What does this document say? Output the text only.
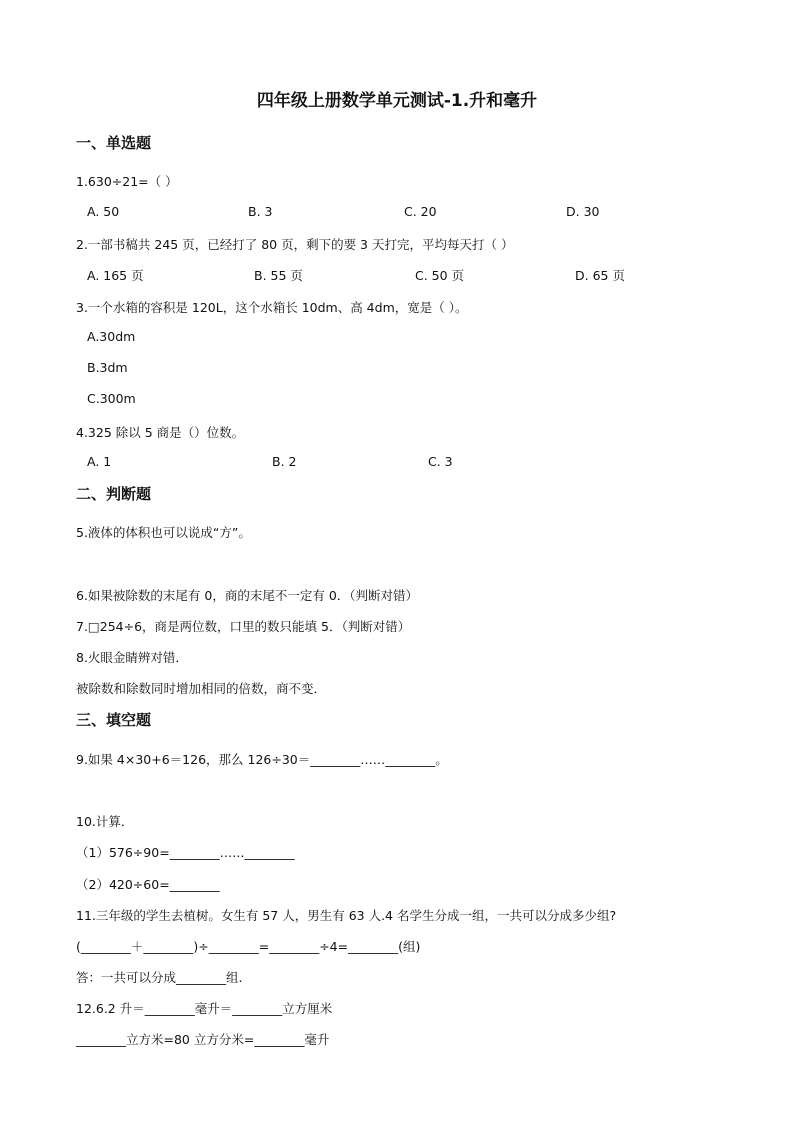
四年级上册数学单元测试-1.升和毫升
一、单选题
1.630÷21=（ ）
A. 50	B. 3	C. 20	D. 30
2.一部书稿共 245 页，已经打了 80 页，剩下的要 3 天打完，平均每天打（ ）
A. 165 页	B. 55 页	C. 50 页	D. 65 页
3.一个水箱的容积是 120L，这个水箱长 10dm、高 4dm，宽是（ ）。
A.30dm
B.3dm
C.300m
4.325 除以 5 商是（）位数。
A. 1	B. 2	C. 3
二、判断题
5.液体的体积也可以说成“方”。
6.如果被除数的末尾有 0，商的末尾不一定有 0．（判断对错）
7.□254÷6，商是两位数，口里的数只能填 5．（判断对错）
8.火眼金睛辨对错．
被除数和除数同时增加相同的倍数，商不变．
三、填空题
9.如果 4×30+6＝126，那么 126÷30＝________……________。
10.计算．
（1）576÷90=________……________
（2）420÷60=________
11.三年级的学生去植树。女生有 57 人，男生有 63 人.4 名学生分成一组，一共可以分成多少组?
(________＋________)÷________=________÷4=________(组)
答：一共可以分成________组.
12.6.2 升＝________毫升＝________立方厘米
________立方米=80 立方分米=________毫升
